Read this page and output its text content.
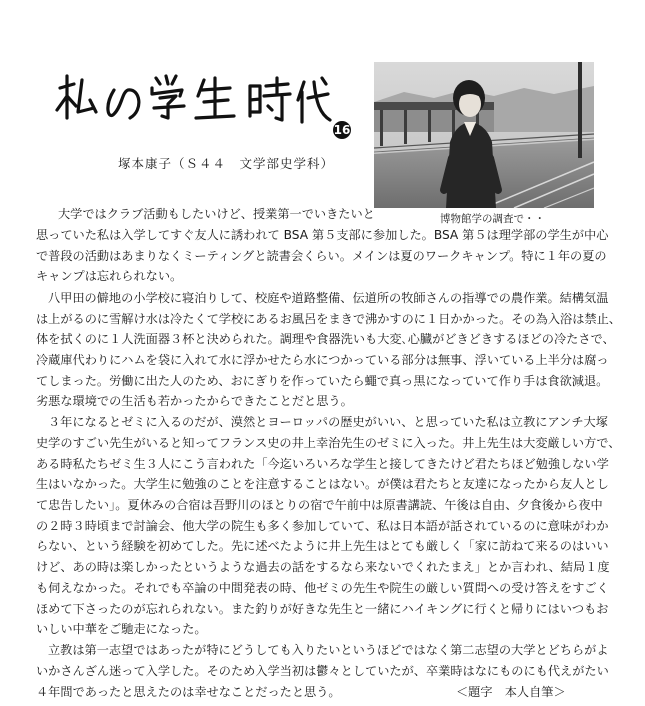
16
塚本康子（Ｓ４４　文学部史学科）
博物館学の調査で・・
大学ではクラブ活動もしたいけど、授業第一でいきたいと
思っていた私は入学してすぐ友人に誘われて BSA 第５支部に参加した。BSA 第５は理学部の学生が中心
で普段の活動はあまりなくミーティングと読書会くらい。メインは夏のワークキャンプ。特に１年の夏の
キャンプは忘れられない。
八甲田の僻地の小学校に寝泊りして、校庭や道路整備、伝道所の牧師さんの指導での農作業。結構気温
は上がるのに雪解け水は冷たくて学校にあるお風呂をまきで沸かすのに１日かかった。その為入浴は禁止、
体を拭くのに１人洗面器３杯と決められた。調理や食器洗いも大変､心臓がどきどきするほどの冷たさで、
冷蔵庫代わりにハムを袋に入れて水に浮かせたら水につかっている部分は無事、浮いている上半分は腐っ
てしまった。労働に出た人のため、おにぎりを作っていたら蠅で真っ黒になっていて作り手は食欲減退。
劣悪な環境での生活も若かったからできたことだと思う。
３年になるとゼミに入るのだが、漠然とヨーロッパの歴史がいい、と思っていた私は立教にアンチ大塚
史学のすごい先生がいると知ってフランス史の井上幸治先生のゼミに入った。井上先生は大変厳しい方で、
ある時私たちゼミ生３人にこう言われた「今迄いろいろな学生と接してきたけど君たちほど勉強しない学
生はいなかった。大学生に勉強のことを注意することはない。が僕は君たちと友達になったから友人とし
て忠告したい」。夏休みの合宿は吾野川のほとりの宿で午前中は原書講読、午後は自由、夕食後から夜中
の２時３時頃まで討論会、他大学の院生も多く参加していて、私は日本語が話されているのに意味がわか
らない、という経験を初めてした。先に述べたように井上先生はとても厳しく「家に訪ねて来るのはいい
けど、あの時は楽しかったというような過去の話をするなら来ないでくれたまえ」とか言われ、結局１度
も伺えなかった。それでも卒論の中間発表の時、他ゼミの先生や院生の厳しい質問への受け答えをすごく
ほめて下さったのが忘れられない。また釣りが好きな先生と一緒にハイキングに行くと帰りにはいつもお
いしい中華をご馳走になった。
立教は第一志望ではあったが特にどうしても入りたいというほどではなく第二志望の大学とどちらがよ
いかさんざん迷って入学した。そのため入学当初は鬱々としていたが、卒業時はなにものにも代えがたい
４年間であったと思えたのは幸せなことだったと思う。	＜題字　本人自筆＞
